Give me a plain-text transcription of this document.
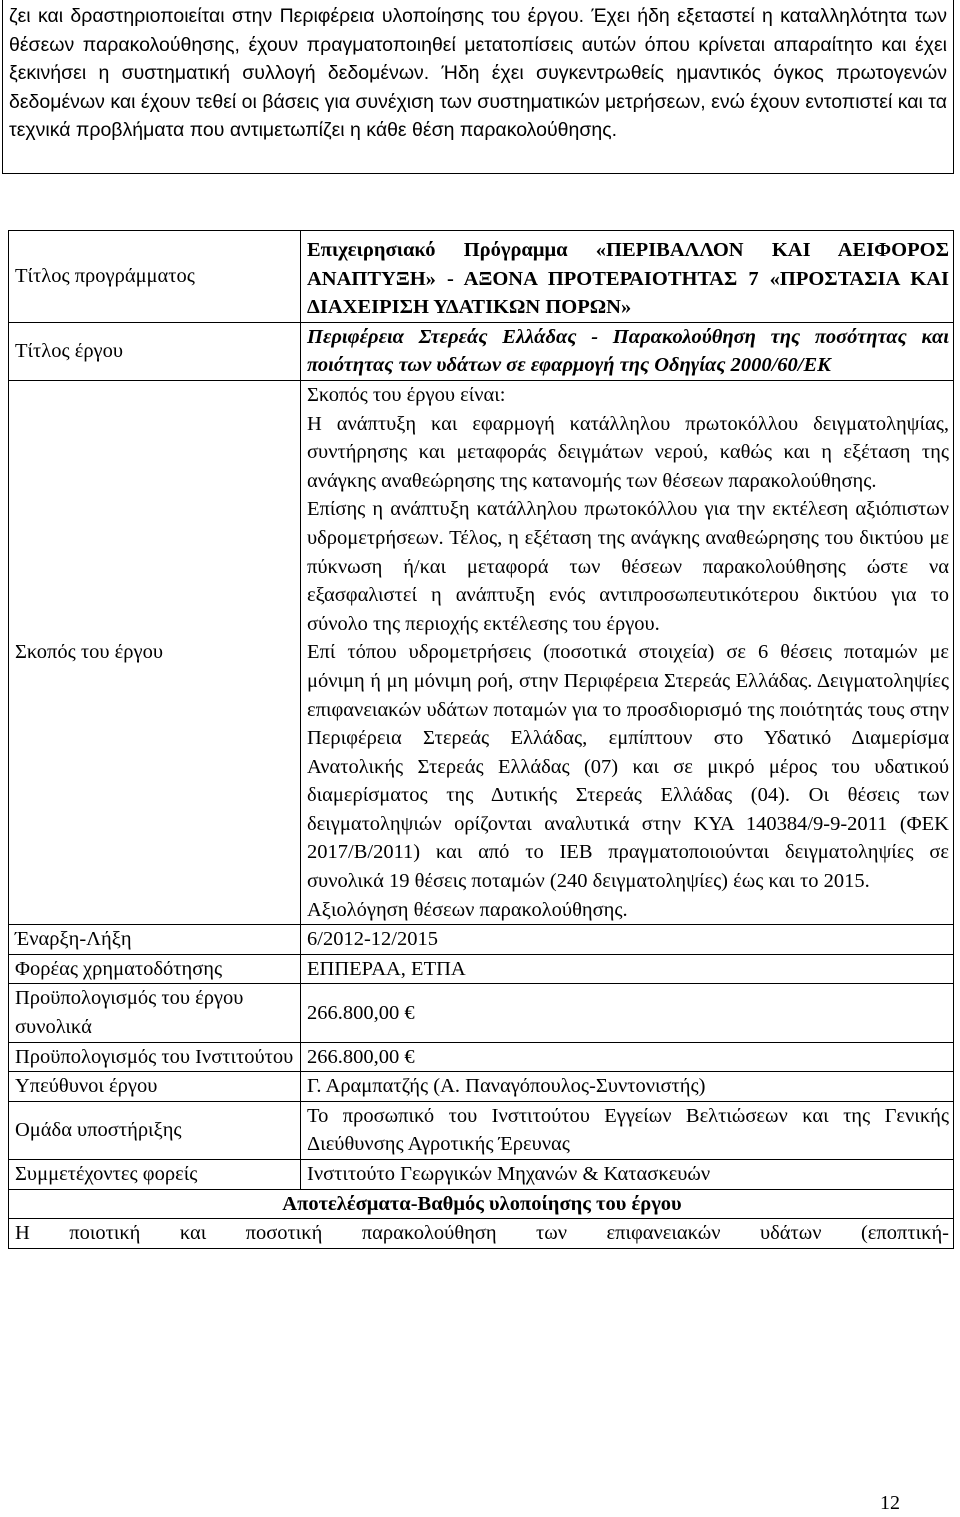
ζει και δραστηριοποιείται στην Περιφέρεια υλοποίησης του έργου. Έχει ήδη εξεταστεί η καταλληλότητα των θέσεων παρακολούθησης, έχουν πραγματοποιηθεί μετατοπίσεις αυτών όπου κρίνεται απαραίτητο και έχει ξεκινήσει η συστηματική συλλογή δεδομένων. Ήδη έχει συγκεντρωθείς ημαντικός όγκος πρωτογενών δεδομένων και έχουν τεθεί οι βάσεις για συνέχιση των συστηματικών μετρήσεων, ενώ έχουν εντοπιστεί και τα τεχνικά προβλήματα που αντιμετωπίζει η κάθε θέση παρακολούθησης.

Τίτλος προγράμματος	Επιχειρησιακό Πρόγραμμα «ΠΕΡΙΒΑΛΛΟΝ ΚΑΙ ΑΕΙΦΟΡΟΣ ΑΝΑΠΤΥΞΗ» - ΑΞΟΝΑ ΠΡΟΤΕΡΑΙΟΤΗΤΑΣ 7 «ΠΡΟΣΤΑΣΙΑ ΚΑΙ ΔΙΑΧΕΙΡΙΣΗ ΥΔΑΤΙΚΩΝ ΠΟΡΩΝ»
Τίτλος έργου	Περιφέρεια Στερεάς Ελλάδας - Παρακολούθηση της ποσότητας και ποιότητας των υδάτων σε εφαρμογή της Οδηγίας 2000/60/ΕΚ
Σκοπός του έργου	Σκοπός του έργου είναι:
Η ανάπτυξη και εφαρμογή κατάλληλου πρωτοκόλλου δειγματοληψίας, συντήρησης και μεταφοράς δειγμάτων νερού, καθώς και η εξέταση της ανάγκης αναθεώρησης της κατανομής των θέσεων παρακολούθησης.
Επίσης η ανάπτυξη κατάλληλου πρωτοκόλλου για την εκτέλεση αξιόπιστων υδρομετρήσεων. Τέλος, η εξέταση της ανάγκης αναθεώρησης του δικτύου με πύκνωση ή/και μεταφορά των θέσεων παρακολούθησης ώστε να εξασφαλιστεί η ανάπτυξη ενός αντιπροσωπευτικότερου δικτύου για το σύνολο της περιοχής εκτέλεσης του έργου.
Επί τόπου υδρομετρήσεις (ποσοτικά στοιχεία) σε 6 θέσεις ποταμών με μόνιμη ή μη μόνιμη ροή, στην Περιφέρεια Στερεάς Ελλάδας. Δειγματοληψίες επιφανειακών υδάτων ποταμών για το προσδιορισμό της ποιότητάς τους στην Περιφέρεια Στερεάς Ελλάδας, εμπίπτουν στο Υδατικό Διαμερίσμα Ανατολικής Στερεάς Ελλάδας (07) και σε μικρό μέρος του υδατικού διαμερίσματος της Δυτικής Στερεάς Ελλάδας (04). Οι θέσεις των δειγματοληψιών ορίζονται αναλυτικά στην ΚΥΑ 140384/9-9-2011 (ΦΕΚ 2017/Β/2011) και από το ΙΕΒ πραγματοποιούνται δειγματοληψίες σε συνολικά 19 θέσεις ποταμών (240 δειγματοληψίες) έως και το 2015.
Αξιολόγηση θέσεων παρακολούθησης.

Έναρξη-Λήξη	6/2012-12/2015
Φορέας χρηματοδότησης	ΕΠΠΕΡΑΑ, ΕΤΠΑ
Προϋπολογισμός του έργου συνολικά	266.800,00 €
Προϋπολογισμός του Ινστιτούτου	266.800,00 €
Υπεύθυνοι έργου	Γ. Αραμπατζής (Α. Παναγόπουλος-Συντονιστής)
Ομάδα υποστήριξης	Το προσωπικό του Ινστιτούτου Εγγείων Βελτιώσεων και της Γενικής Διεύθυνσης Αγροτικής Έρευνας
Συμμετέχοντες φορείς	Ινστιτούτο Γεωργικών Μηχανών & Κατασκευών
Αποτελέσματα-Βαθμός υλοποίησης του έργου	
Η ποιοτική και ποσοτική παρακολούθηση των επιφανειακών υδάτων (εποπτική-	
12
